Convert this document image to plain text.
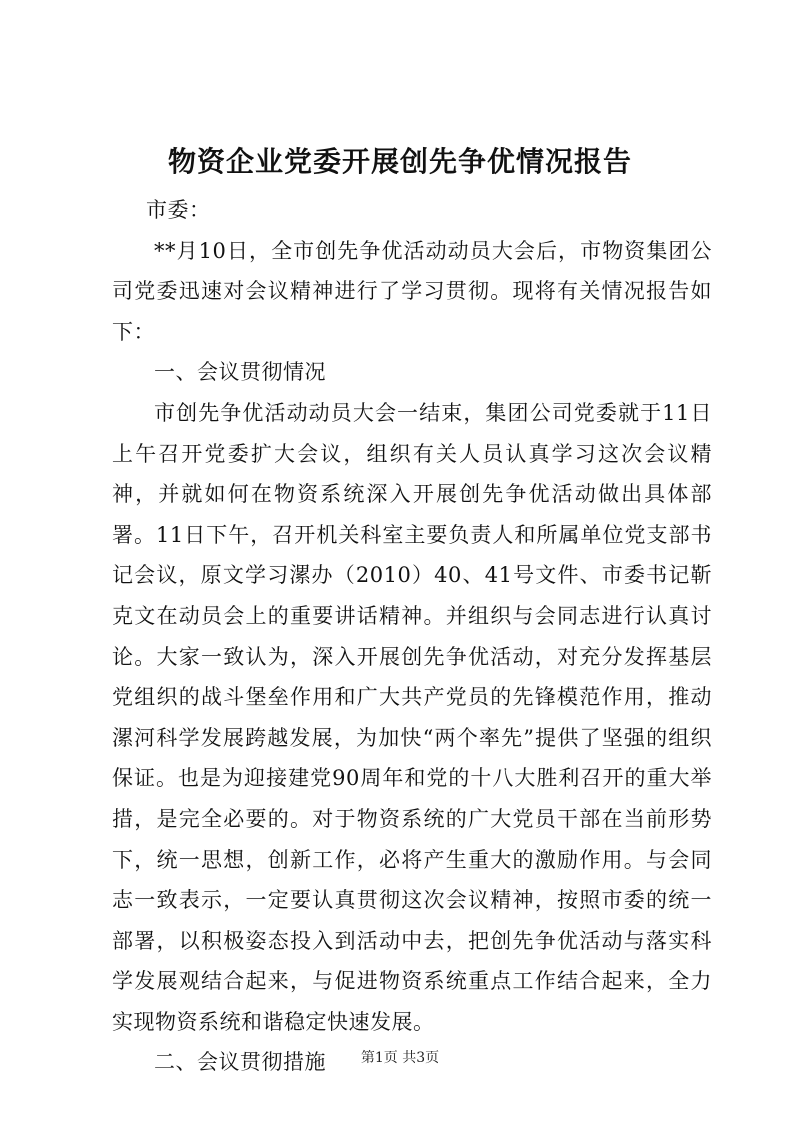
物资企业党委开展创先争优情况报告

市委：

**月10日，全市创先争优活动动员大会后，市物资集团公司党委迅速对会议精神进行了学习贯彻。现将有关情况报告如下：

一、会议贯彻情况

市创先争优活动动员大会一结束，集团公司党委就于11日上午召开党委扩大会议，组织有关人员认真学习这次会议精神，并就如何在物资系统深入开展创先争优活动做出具体部署。11日下午，召开机关科室主要负责人和所属单位党支部书记会议，原文学习漯办（2010）40、41号文件、市委书记靳克文在动员会上的重要讲话精神。并组织与会同志进行认真讨论。大家一致认为，深入开展创先争优活动，对充分发挥基层党组织的战斗堡垒作用和广大共产党员的先锋模范作用，推动漯河科学发展跨越发展，为加快“两个率先”提供了坚强的组织保证。也是为迎接建党90周年和党的十八大胜利召开的重大举措，是完全必要的。对于物资系统的广大党员干部在当前形势下，统一思想，创新工作，必将产生重大的激励作用。与会同志一致表示，一定要认真贯彻这次会议精神，按照市委的统一部署，以积极姿态投入到活动中去，把创先争优活动与落实科学发展观结合起来，与促进物资系统重点工作结合起来，全力实现物资系统和谐稳定快速发展。

二、会议贯彻措施	第1页 共3页
